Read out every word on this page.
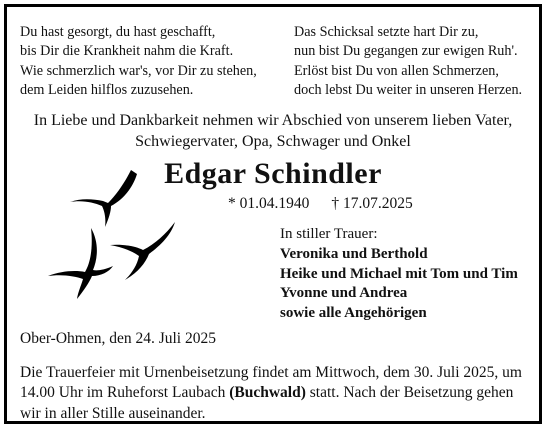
Du hast gesorgt, du hast geschafft,
bis Dir die Krankheit nahm die Kraft.
Wie schmerzlich war's, vor Dir zu stehen,
dem Leiden hilflos zuzusehen.
Das Schicksal setzte hart Dir zu,
nun bist Du gegangen zur ewigen Ruh'.
Erlöst bist Du von allen Schmerzen,
doch lebst Du weiter in unseren Herzen.
In Liebe und Dankbarkeit nehmen wir Abschied von unserem lieben Vater,
Schwiegervater, Opa, Schwager und Onkel
Edgar Schindler
* 01.04.1940 † 17.07.2025
In stiller Trauer:
Veronika und Berthold
Heike und Michael mit Tom und Tim
Yvonne und Andrea
sowie alle Angehörigen
Ober-Ohmen, den 24. Juli 2025
Die Trauerfeier mit Urnenbeisetzung findet am Mittwoch, dem 30. Juli 2025, um 14.00 Uhr im Ruheforst Laubach (Buchwald) statt. Nach der Beisetzung gehen wir in aller Stille auseinander.
